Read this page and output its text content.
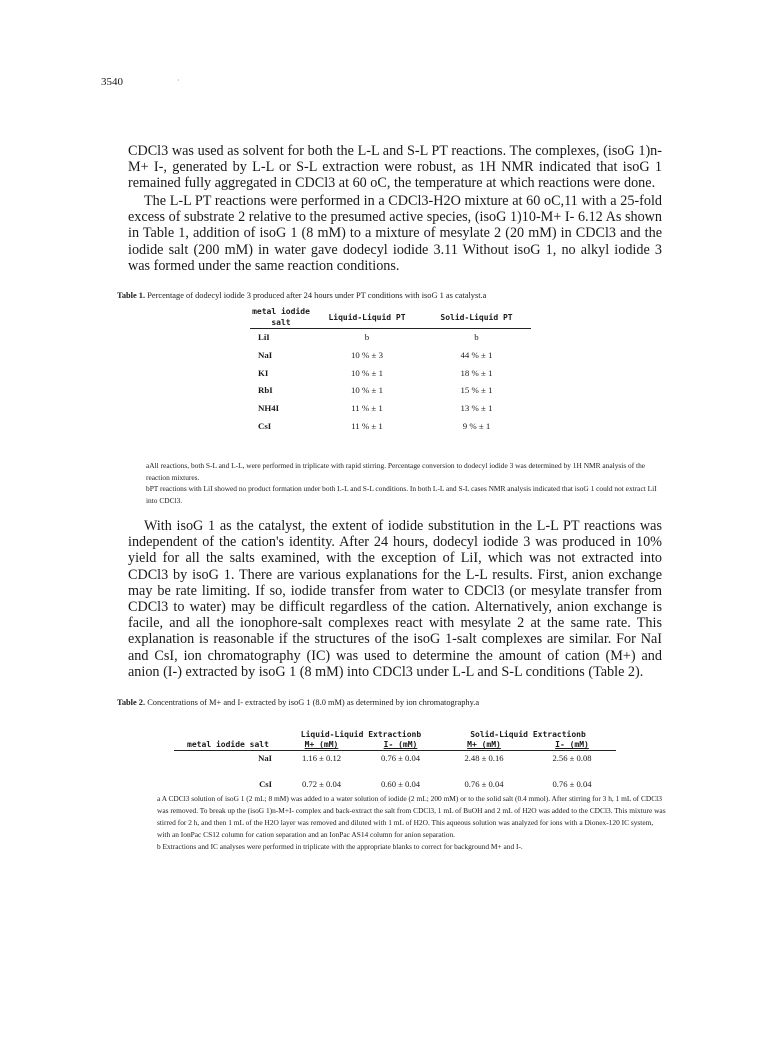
3540	·

CDCl3 was used as solvent for both the L-L and S-L PT reactions. The complexes, (isoG 1)n-M+ I-, generated by L-L or S-L extraction were robust, as 1H NMR indicated that isoG 1 remained fully aggregated in CDCl3 at 60 oC, the temperature at which reactions were done.

The L-L PT reactions were performed in a CDCl3-H2O mixture at 60 oC,11 with a 25-fold excess of substrate 2 relative to the presumed active species, (isoG 1)10-M+ I- 6.12 As shown in Table 1, addition of isoG 1 (8 mM) to a mixture of mesylate 2 (20 mM) in CDCl3 and the iodide salt (200 mM) in water gave dodecyl iodide 3.11 Without isoG 1, no alkyl iodide 3 was formed under the same reaction conditions.

Table 1. Percentage of dodecyl iodide 3 produced after 24 hours under PT conditions with isoG 1 as catalyst.a
metal iodide salt	Liquid-Liquid PT	Solid-Liquid PT
LiI	b	b
NaI	10 % ± 3	44 % ± 1
KI	10 % ± 1	18 % ± 1
RbI	10 % ± 1	15 % ± 1
NH4I	11 % ± 1	13 % ± 1
CsI	11 % ± 1	9 % ± 1
aAll reactions, both S-L and L-L, were performed in triplicate with rapid stirring. Percentage conversion to dodecyl iodide 3 was determined by 1H NMR analysis of the reaction mixtures.
bPT reactions with LiI showed no product formation under both L-L and S-L conditions. In both L-L and S-L cases NMR analysis indicated that isoG 1 could not extract LiI into CDCl3.

With isoG 1 as the catalyst, the extent of iodide substitution in the L-L PT reactions was independent of the cation's identity. After 24 hours, dodecyl iodide 3 was produced in 10% yield for all the salts examined, with the exception of LiI, which was not extracted into CDCl3 by isoG 1. There are various explanations for the L-L results. First, anion exchange may be rate limiting. If so, iodide transfer from water to CDCl3 (or mesylate transfer from CDCl3 to water) may be difficult regardless of the cation. Alternatively, anion exchange is facile, and all the ionophore-salt complexes react with mesylate 2 at the same rate. This explanation is reasonable if the structures of the isoG 1-salt complexes are similar. For NaI and CsI, ion chromatography (IC) was used to determine the amount of cation (M+) and anion (I-) extracted by isoG 1 (8 mM) into CDCl3 under L-L and S-L conditions (Table 2).

Table 2. Concentrations of M+ and I- extracted by isoG 1 (8.0 mM) as determined by ion chromatography.a
	Liquid-Liquid Extractionb		Solid-Liquid Extractionb	
metal iodide salt	M+ (mM)	I- (mM)	M+ (mM)	I- (mM)
NaI	1.16 ± 0.12	0.76 ± 0.04	2.48 ± 0.16	2.56 ± 0.08

CsI	0.72 ± 0.04	0.60 ± 0.04	0.76 ± 0.04	0.76 ± 0.04

a A CDCl3 solution of isoG 1 (2 mL; 8 mM) was added to a water solution of iodide (2 mL; 200 mM) or to the solid salt (0.4 mmol). After stirring for 3 h, 1 mL of CDCl3 was removed. To break up the (isoG 1)n-M+I- complex and back-extract the salt from CDCl3, 1 mL of BuOH and 2 mL of H2O was added to the CDCl3. This mixture was stirred for 2 h, and then 1 mL of the H2O layer was removed and diluted with 1 mL of H2O. This aqueous solution was analyzed for ions with a Dionex-120 IC system, with an IonPac CS12 column for cation separation and an IonPac AS14 column for anion separation.

b Extractions and IC analyses were performed in triplicate with the appropriate blanks to correct for background M+ and I-.
